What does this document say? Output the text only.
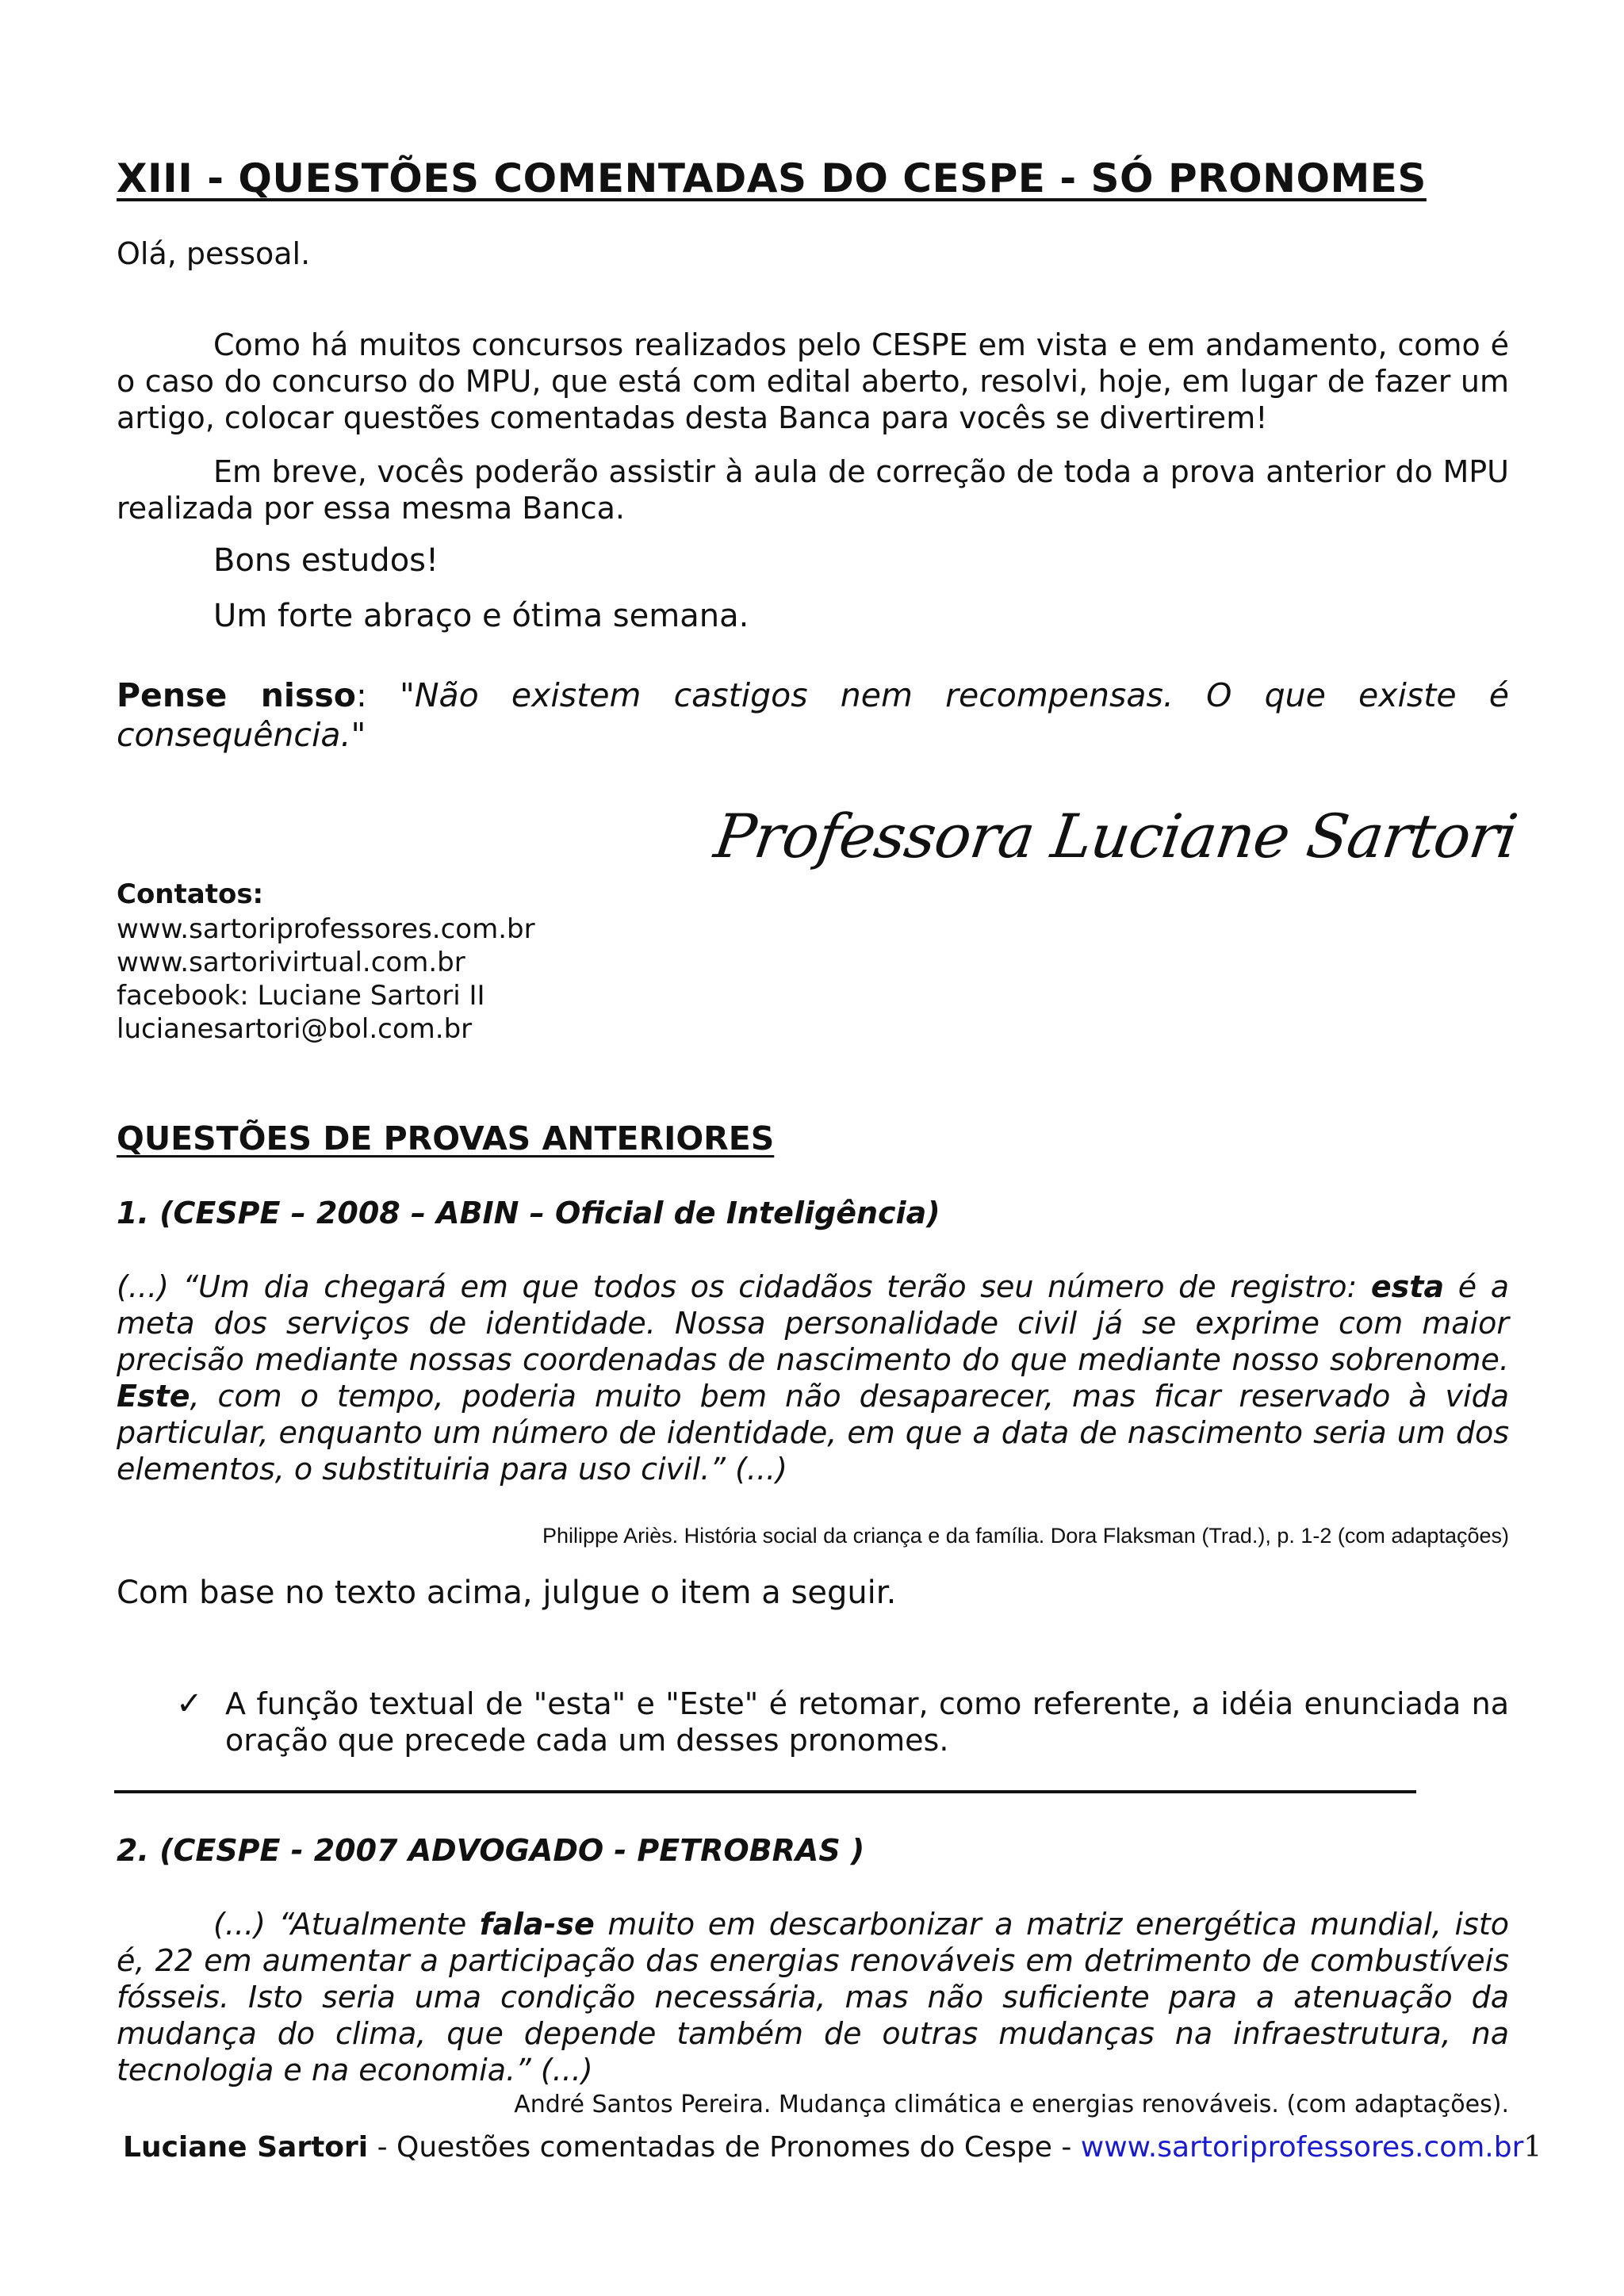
XIII - QUESTÕES COMENTADAS DO CESPE - SÓ PRONOMES
Olá, pessoal.
Como há muitos concursos realizados pelo CESPE em vista e em andamento, como é o caso do concurso do MPU, que está com edital aberto, resolvi, hoje, em lugar de fazer um artigo, colocar questões comentadas desta Banca para vocês se divertirem!
Em breve, vocês poderão assistir à aula de correção de toda a prova anterior do MPU realizada por essa mesma Banca.
Bons estudos!
Um forte abraço e ótima semana.
Pense nisso: "Não existem castigos nem recompensas. O que existe é consequência."
Professora Luciane Sartori
Contatos:
www.sartoriprofessores.com.br
www.sartorivirtual.com.br
facebook: Luciane Sartori II
lucianesartori@bol.com.br
QUESTÕES DE PROVAS ANTERIORES
1. (CESPE – 2008 – ABIN – Oficial de Inteligência)
(...) “Um dia chegará em que todos os cidadãos terão seu número de registro: esta é a meta dos serviços de identidade. Nossa personalidade civil já se exprime com maior precisão mediante nossas coordenadas de nascimento do que mediante nosso sobrenome. Este, com o tempo, poderia muito bem não desaparecer, mas ficar reservado à vida particular, enquanto um número de identidade, em que a data de nascimento seria um dos elementos, o substituiria para uso civil.” (...)
Philippe Ariès. História social da criança e da família. Dora Flaksman (Trad.), p. 1-2 (com adaptações)
Com base no texto acima, julgue o item a seguir.
✓ A função textual de "esta" e "Este" é retomar, como referente, a idéia enunciada na oração que precede cada um desses pronomes.
2. (CESPE - 2007 ADVOGADO - PETROBRAS )
(...) “Atualmente fala-se muito em descarbonizar a matriz energética mundial, isto é, 22 em aumentar a participação das energias renováveis em detrimento de combustíveis fósseis. Isto seria uma condição necessária, mas não suficiente para a atenuação da mudança do clima, que depende também de outras mudanças na infraestrutura, na tecnologia e na economia.” (...)
André Santos Pereira. Mudança climática e energias renováveis. (com adaptações).
Luciane Sartori - Questões comentadas de Pronomes do Cespe - www.sartoriprofessores.com.br1
